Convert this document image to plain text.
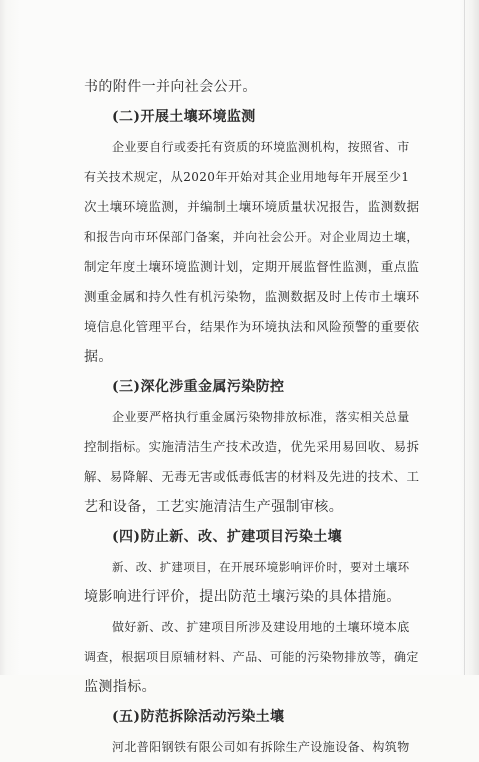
书的附件一并向社会公开。
(二)开展土壤环境监测
企业要自行或委托有资质的环境监测机构，按照省、市
有关技术规定，从2020年开始对其企业用地每年开展至少1
次土壤环境监测，并编制土壤环境质量状况报告，监测数据
和报告向市环保部门备案，并向社会公开。对企业周边土壤，
制定年度土壤环境监测计划，定期开展监督性监测，重点监
测重金属和持久性有机污染物，监测数据及时上传市土壤环
境信息化管理平台，结果作为环境执法和风险预警的重要依
据。
(三)深化涉重金属污染防控
企业要严格执行重金属污染物排放标准，落实相关总量
控制指标。实施清洁生产技术改造，优先采用易回收、易拆
解、易降解、无毒无害或低毒低害的材料及先进的技术、工
艺和设备，工艺实施清洁生产强制审核。
(四)防止新、改、扩建项目污染土壤
新、改、扩建项目，在开展环境影响评价时，要对土壤环
境影响进行评价，提出防范土壤污染的具体措施。
做好新、改、扩建项目所涉及建设用地的土壤环境本底
调查，根据项目原辅材料、产品、可能的污染物排放等，确定
监测指标。
(五)防范拆除活动污染土壤
河北普阳钢铁有限公司如有拆除生产设施设备、构筑物
